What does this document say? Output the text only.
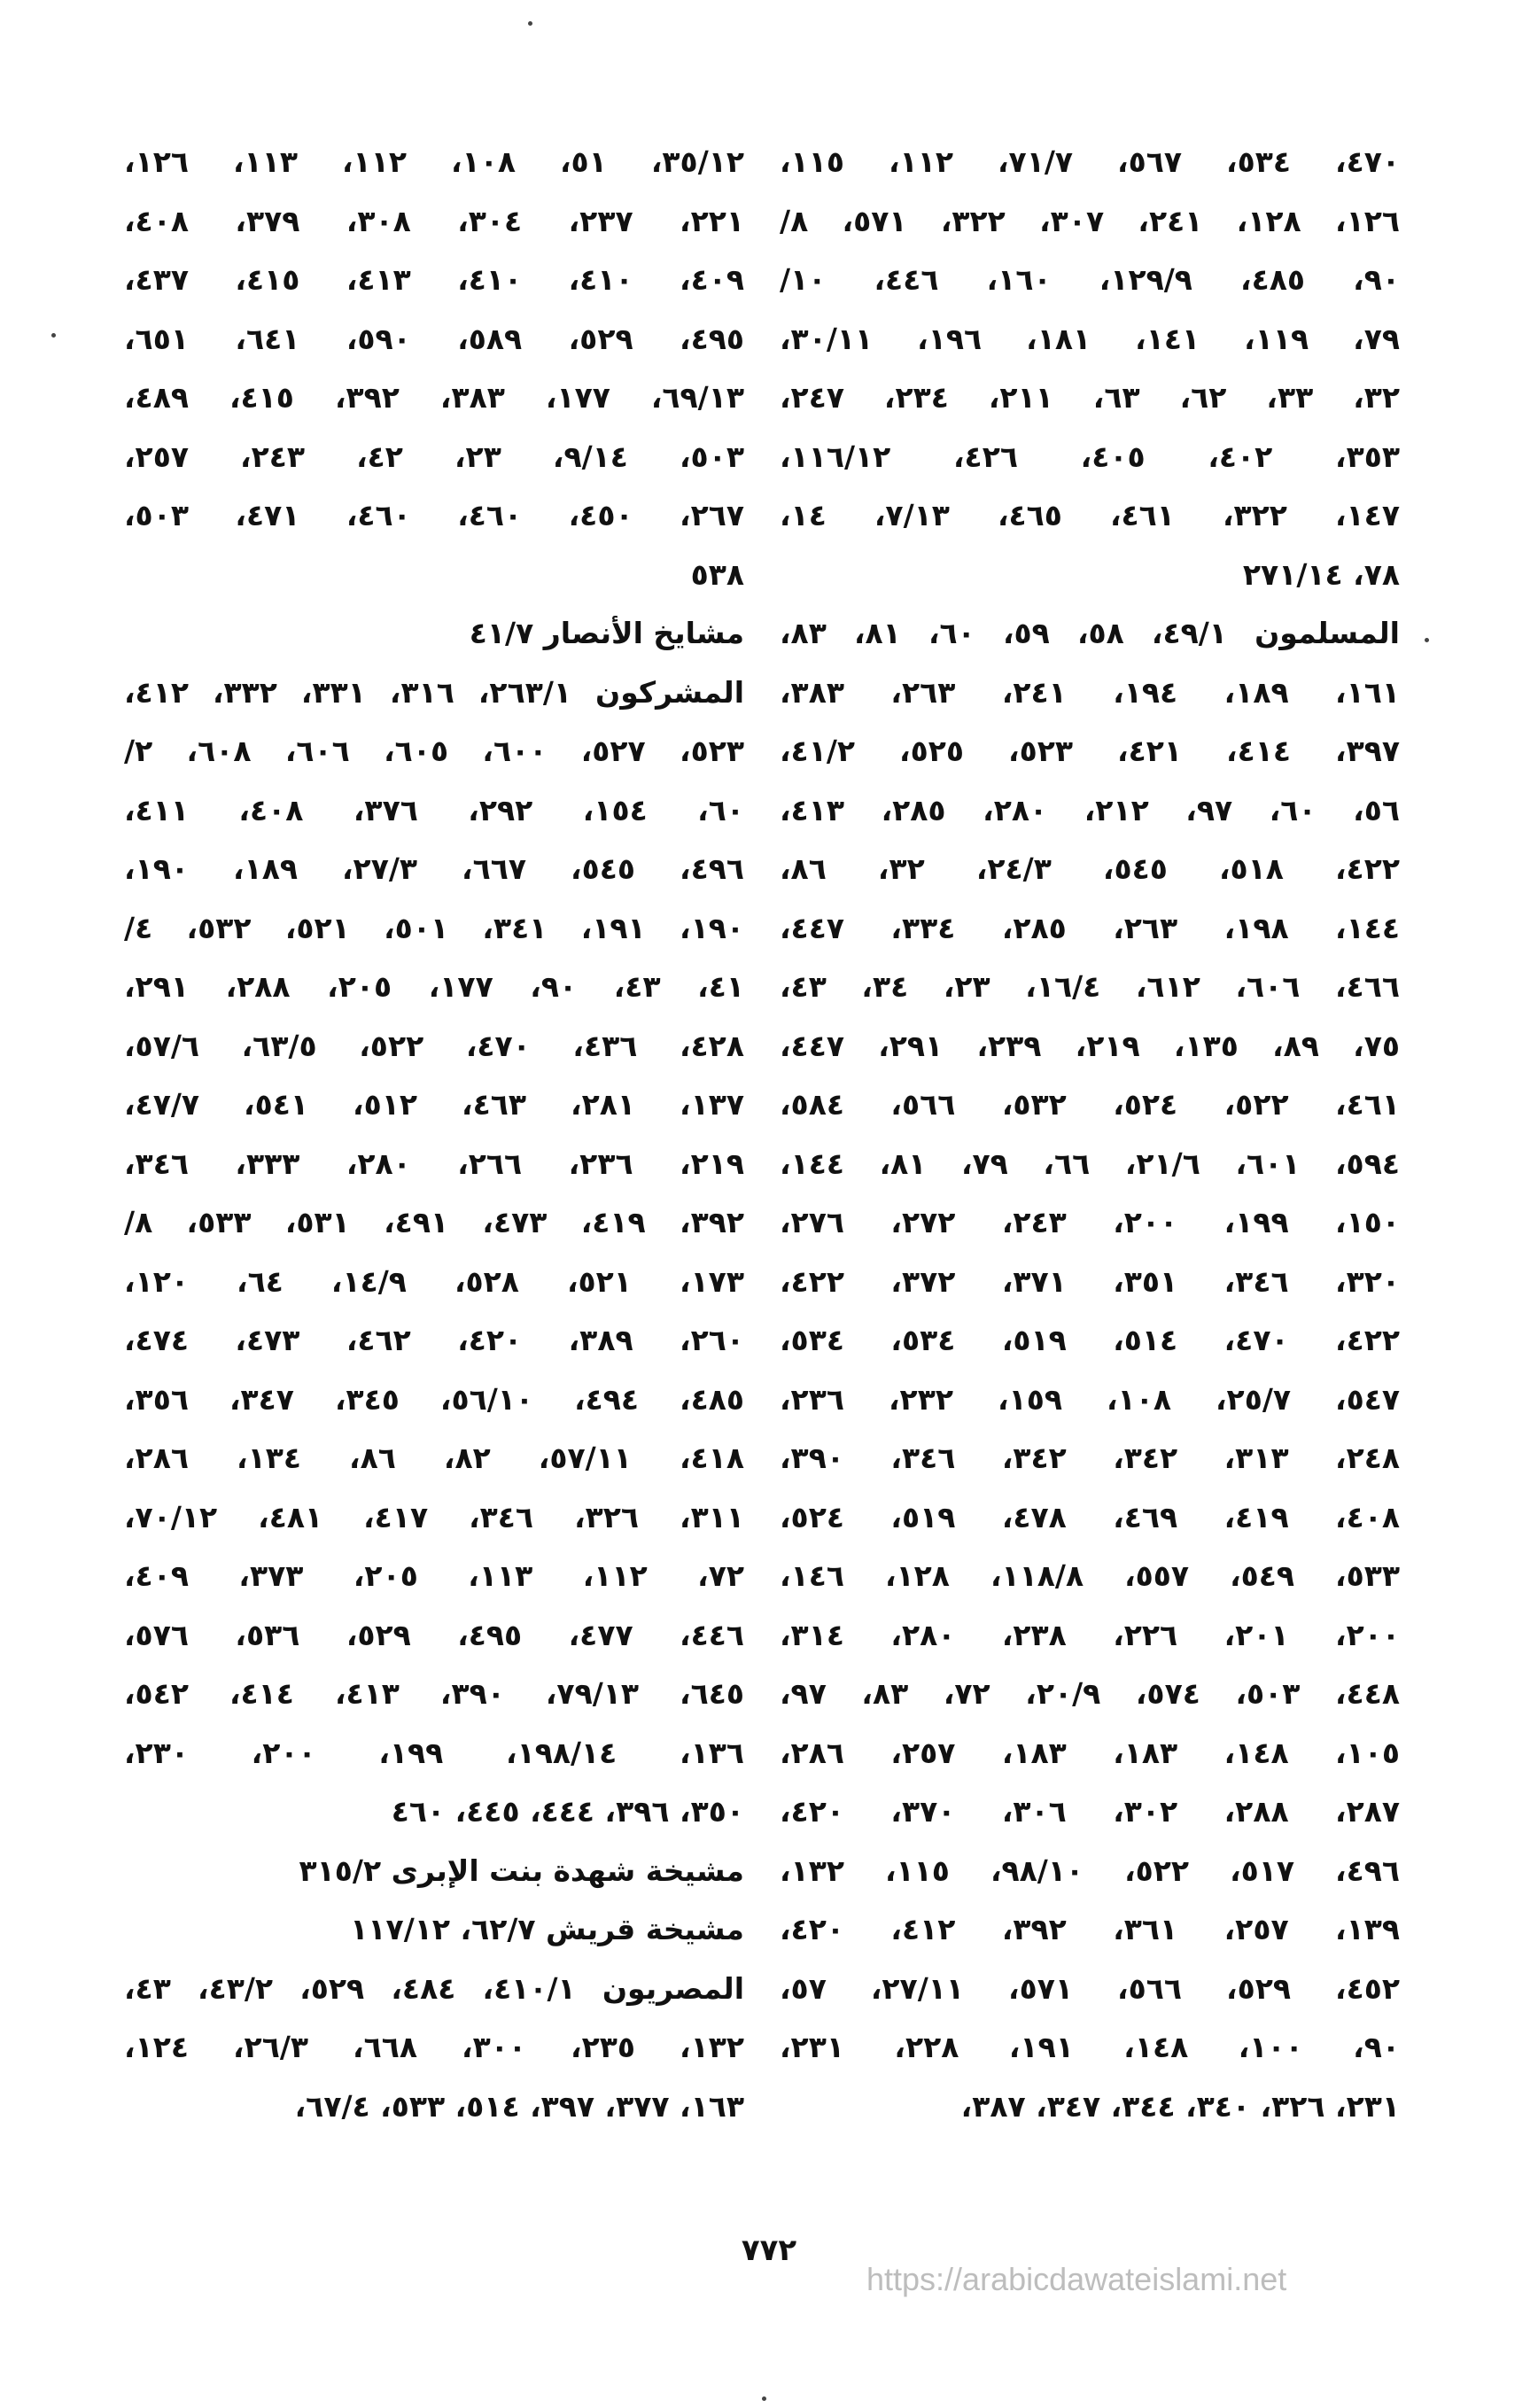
٤٧٠، ٥٣٤، ٥٦٧، ٧١/٧، ١١٢، ١١٥،
١٢٦، ١٢٨، ٢٤١، ٣٠٧، ٣٢٢، ٥٧١، ٨/
٩٠، ٤٨٥، ١٢٩/٩، ١٦٠، ٤٤٦، ١٠/
٧٩، ١١٩، ١٤١، ١٨١، ١٩٦، ٣٠/١١،
٣٢، ٣٣، ٦٢، ٦٣، ٢١١، ٢٣٤، ٢٤٧،
٣٥٣، ٤٠٢، ٤٠٥، ٤٢٦، ١١٦/١٢،
١٤٧، ٣٢٢، ٤٦١، ٤٦٥، ٧/١٣، ١٤،
٧٨، ٢٧١/١٤
المسلمون ٤٩/١، ٥٨، ٥٩، ٦٠، ٨١، ٨٣،
١٦١، ١٨٩، ١٩٤، ٢٤١، ٢٦٣، ٣٨٣،
٣٩٧، ٤١٤، ٤٢١، ٥٢٣، ٥٢٥، ٤١/٢،
٥٦، ٦٠، ٩٧، ٢١٢، ٢٨٠، ٢٨٥، ٤١٣،
٤٢٢، ٥١٨، ٥٤٥، ٢٤/٣، ٣٢، ٨٦،
١٤٤، ١٩٨، ٢٦٣، ٢٨٥، ٣٣٤، ٤٤٧،
٤٦٦، ٦٠٦، ٦١٢، ١٦/٤، ٢٣، ٣٤، ٤٣،
٧٥، ٨٩، ١٣٥، ٢١٩، ٢٣٩، ٢٩١، ٤٤٧،
٤٦١، ٥٢٢، ٥٢٤، ٥٣٢، ٥٦٦، ٥٨٤،
٥٩٤، ٦٠١، ٢١/٦، ٦٦، ٧٩، ٨١، ١٤٤،
١٥٠، ١٩٩، ٢٠٠، ٢٤٣، ٢٧٢، ٢٧٦،
٣٢٠، ٣٤٦، ٣٥١، ٣٧١، ٣٧٢، ٤٢٢،
٤٢٢، ٤٧٠، ٥١٤، ٥١٩، ٥٣٤، ٥٣٤،
٥٤٧، ٢٥/٧، ١٠٨، ١٥٩، ٢٣٢، ٢٣٦،
٢٤٨، ٣١٣، ٣٤٢، ٣٤٢، ٣٤٦، ٣٩٠،
٤٠٨، ٤١٩، ٤٦٩، ٤٧٨، ٥١٩، ٥٢٤،
٥٣٣، ٥٤٩، ٥٥٧، ١١٨/٨، ١٢٨، ١٤٦،
٢٠٠، ٢٠١، ٢٢٦، ٢٣٨، ٢٨٠، ٣١٤،
٤٤٨، ٥٠٣، ٥٧٤، ٢٠/٩، ٧٢، ٨٣، ٩٧،
١٠٥، ١٤٨، ١٨٣، ١٨٣، ٢٥٧، ٢٨٦،
٢٨٧، ٢٨٨، ٣٠٢، ٣٠٦، ٣٧٠، ٤٢٠،
٤٩٦، ٥١٧، ٥٢٢، ٩٨/١٠، ١١٥، ١٣٢،
١٣٩، ٢٥٧، ٣٦١، ٣٩٢، ٤١٢، ٤٢٠،
٤٥٢، ٥٢٩، ٥٦٦، ٥٧١، ٢٧/١١، ٥٧،
٩٠، ١٠٠، ١٤٨، ١٩١، ٢٢٨، ٢٣١،
٢٣١، ٣٢٦، ٣٤٠، ٣٤٤، ٣٤٧، ٣٨٧،
٣٥/١٢، ٥١، ١٠٨، ١١٢، ١١٣، ١٢٦،
٢٢١، ٢٣٧، ٣٠٤، ٣٠٨، ٣٧٩، ٤٠٨،
٤٠٩، ٤١٠، ٤١٠، ٤١٣، ٤١٥، ٤٣٧،
٤٩٥، ٥٢٩، ٥٨٩، ٥٩٠، ٦٤١، ٦٥١،
٦٩/١٣، ١٧٧، ٣٨٣، ٣٩٢، ٤١٥، ٤٨٩،
٥٠٣، ٩/١٤، ٢٣، ٤٢، ٢٤٣، ٢٥٧،
٢٦٧، ٤٥٠، ٤٦٠، ٤٦٠، ٤٧١، ٥٠٣،
٥٣٨
مشايخ الأنصار ٤١/٧
المشركون ٢٦٣/١، ٣١٦، ٣٣١، ٣٣٢، ٤١٢،
٥٢٣، ٥٢٧، ٦٠٠، ٦٠٥، ٦٠٦، ٦٠٨، ٢/
٦٠، ١٥٤، ٢٩٢، ٣٧٦، ٤٠٨، ٤١١،
٤٩٦، ٥٤٥، ٦٦٧، ٢٧/٣، ١٨٩، ١٩٠،
١٩٠، ١٩١، ٣٤١، ٥٠١، ٥٢١، ٥٣٢، ٤/
٤١، ٤٣، ٩٠، ١٧٧، ٢٠٥، ٢٨٨، ٢٩١،
٤٢٨، ٤٣٦، ٤٧٠، ٥٢٢، ٦٣/٥، ٥٧/٦،
١٣٧، ٢٨١، ٤٦٣، ٥١٢، ٥٤١، ٤٧/٧،
٢١٩، ٢٣٦، ٢٦٦، ٢٨٠، ٣٣٣، ٣٤٦،
٣٩٢، ٤١٩، ٤٧٣، ٤٩١، ٥٣١، ٥٣٣، ٨/
١٧٣، ٥٢١، ٥٢٨، ١٤/٩، ٦٤، ١٢٠،
٢٦٠، ٣٨٩، ٤٢٠، ٤٦٢، ٤٧٣، ٤٧٤،
٤٨٥، ٤٩٤، ٥٦/١٠، ٣٤٥، ٣٤٧، ٣٥٦،
٤١٨، ٥٧/١١، ٨٢، ٨٦، ١٣٤، ٢٨٦،
٣١١، ٣٢٦، ٣٤٦، ٤١٧، ٤٨١، ٧٠/١٢،
٧٢، ١١٢، ١١٣، ٢٠٥، ٣٧٣، ٤٠٩،
٤٤٦، ٤٧٧، ٤٩٥، ٥٢٩، ٥٣٦، ٥٧٦،
٦٤٥، ٧٩/١٣، ٣٩٠، ٤١٣، ٤١٤، ٥٤٢،
١٣٦، ١٩٨/١٤، ١٩٩، ٢٠٠، ٢٣٠،
٣٥٠، ٣٩٦، ٤٤٤، ٤٤٥، ٤٦٠
مشيخة شهدة بنت الإبرى ٣١٥/٢
مشيخة قريش ٦٢/٧، ١١٧/١٢
المصريون ٤١٠/١، ٤٨٤، ٥٢٩، ٤٣/٢، ٤٣،
١٣٢، ٢٣٥، ٣٠٠، ٦٦٨، ٢٦/٣، ١٢٤،
١٦٣، ٣٧٧، ٣٩٧، ٥١٤، ٥٣٣، ٦٧/٤،
٧٧٢
https://arabicdawateislami.net
